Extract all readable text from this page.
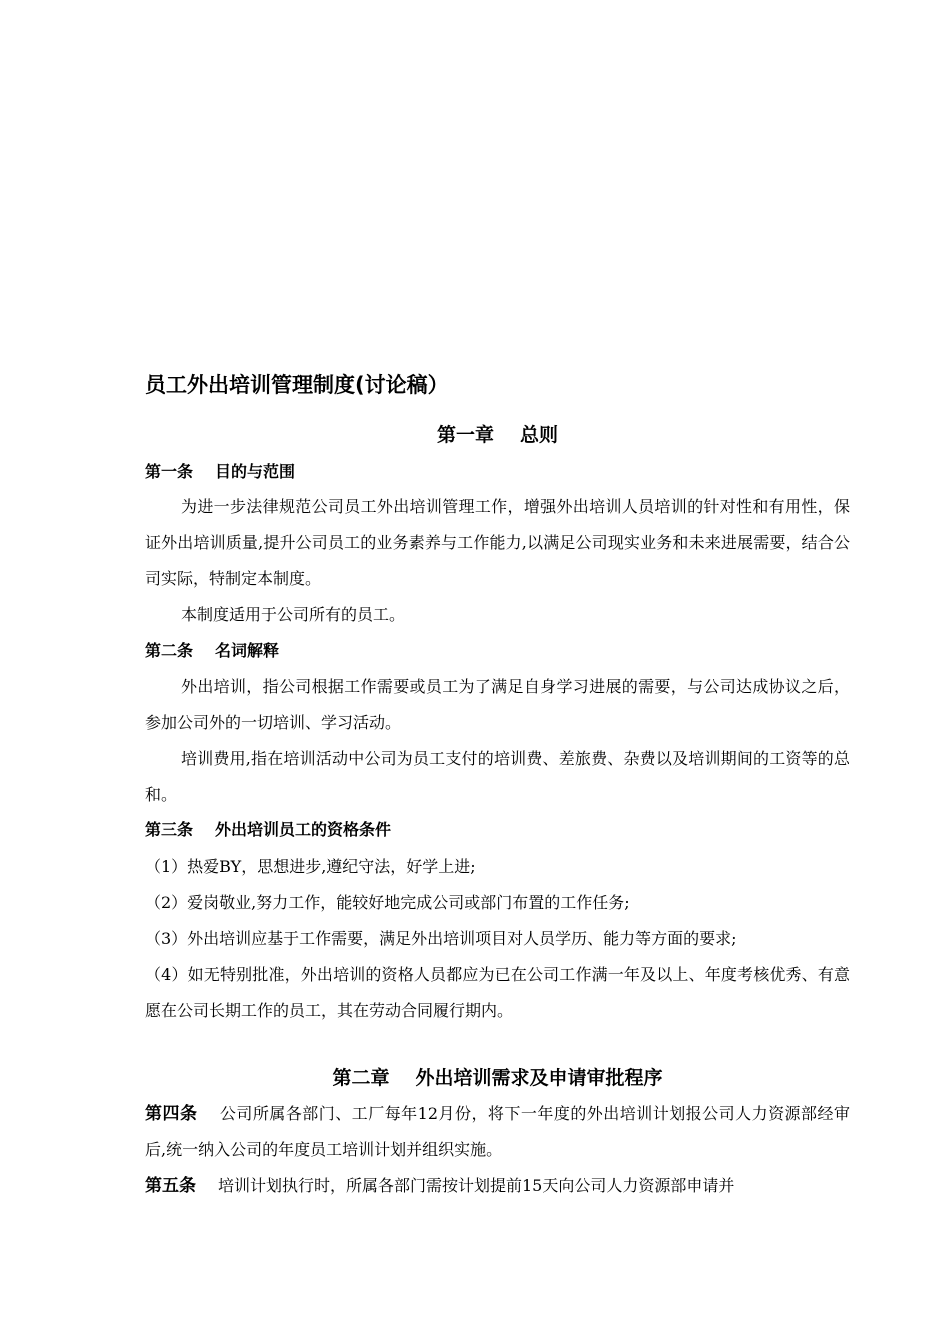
员工外出培训管理制度(讨论稿）
第一章 总则
第一条 目的与范围

为进一步法律规范公司员工外出培训管理工作，增强外出培训人员培训的针对性和有用性，保证外出培训质量,提升公司员工的业务素养与工作能力,以满足公司现实业务和未来进展需要，结合公司实际，特制定本制度。

本制度适用于公司所有的员工。

第二条 名词解释

外出培训，指公司根据工作需要或员工为了满足自身学习进展的需要，与公司达成协议之后，参加公司外的一切培训、学习活动。

培训费用,指在培训活动中公司为员工支付的培训费、差旅费、杂费以及培训期间的工资等的总和。

第三条 外出培训员工的资格条件

（1）热爱BY，思想进步,遵纪守法，好学上进;

（2）爱岗敬业,努力工作，能较好地完成公司或部门布置的工作任务;

（3）外出培训应基于工作需要，满足外出培训项目对人员学历、能力等方面的要求;

（4）如无特别批准，外出培训的资格人员都应为已在公司工作满一年及以上、年度考核优秀、有意愿在公司长期工作的员工，其在劳动合同履行期内。

第二章 外出培训需求及申请审批程序

第四条 公司所属各部门、工厂每年12月份，将下一年度的外出培训计划报公司人力资源部经审后,统一纳入公司的年度员工培训计划并组织实施。

第五条 培训计划执行时，所属各部门需按计划提前15天向公司人力资源部申请并
